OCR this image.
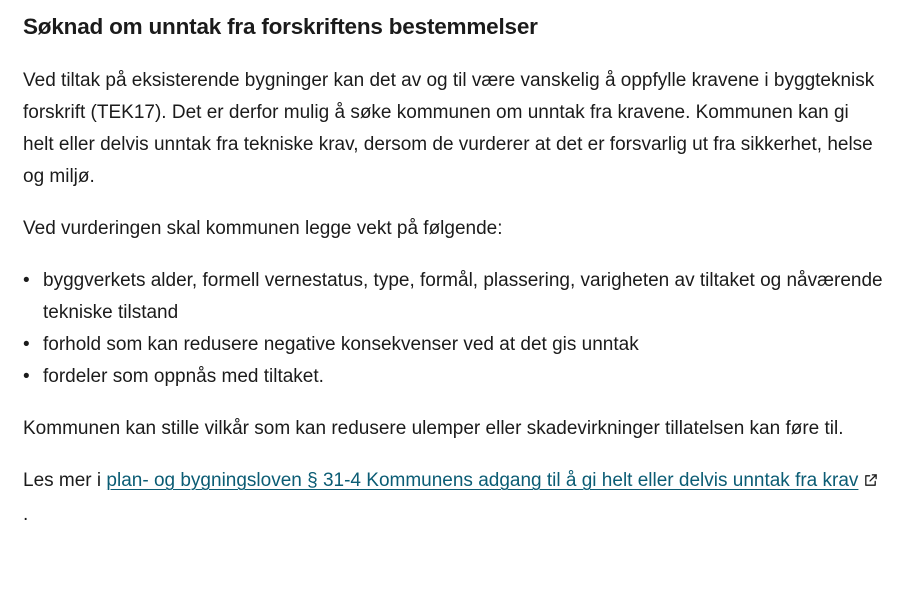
Søknad om unntak fra forskriftens bestemmelser

Ved tiltak på eksisterende bygninger kan det av og til være vanskelig å oppfylle kravene i byggteknisk forskrift (TEK17). Det er derfor mulig å søke kommunen om unntak fra kravene. Kommunen kan gi helt eller delvis unntak fra tekniske krav, dersom de vurderer at det er forsvarlig ut fra sikkerhet, helse og miljø.

Ved vurderingen skal kommunen legge vekt på følgende:

• byggverkets alder, formell vernestatus, type, formål, plassering, varigheten av tiltaket og nåværende tekniske tilstand
• forhold som kan redusere negative konsekvenser ved at det gis unntak
• fordeler som oppnås med tiltaket.

Kommunen kan stille vilkår som kan redusere ulemper eller skadevirkninger tillatelsen kan føre til.

Les mer i plan- og bygningsloven § 31-4 Kommunens adgang til å gi helt eller delvis unntak fra krav.
